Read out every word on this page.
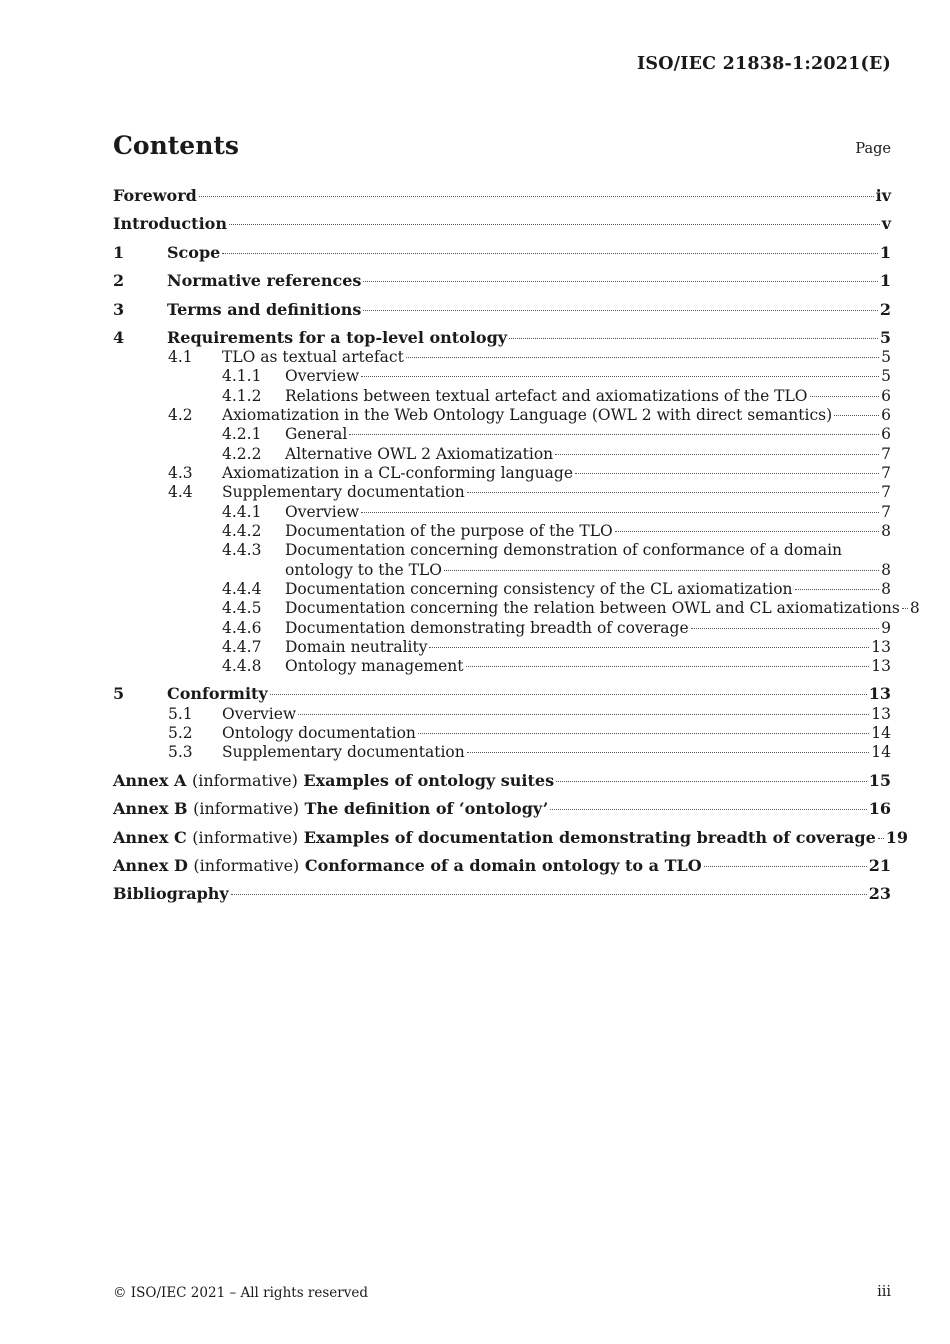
ISO/IEC 21838-1:2021(E)
Contents	Page
Foreword	iv
Introduction	v
1	Scope	1
2	Normative references	1
3	Terms and definitions	2
4	Requirements for a top-level ontology	5
4.1	TLO as textual artefact	5
4.1.1	Overview	5
4.1.2	Relations between textual artefact and axiomatizations of the TLO	6
4.2	Axiomatization in the Web Ontology Language (OWL 2 with direct semantics)	6
4.2.1	General	6
4.2.2	Alternative OWL 2 Axiomatization	7
4.3	Axiomatization in a CL-conforming language	7
4.4	Supplementary documentation	7
4.4.1	Overview	7
4.4.2	Documentation of the purpose of the TLO	8
4.4.3	Documentation concerning demonstration of conformance of a domain
ontology to the TLO	8
4.4.4	Documentation concerning consistency of the CL axiomatization	8
4.4.5	Documentation concerning the relation between OWL and CL axiomatizations 8
4.4.6	Documentation demonstrating breadth of coverage	9
4.4.7	Domain neutrality	13
4.4.8	Ontology management	13
5	Conformity	13
5.1	Overview	13
5.2	Ontology documentation	14
5.3	Supplementary documentation	14
Annex A (informative) Examples of ontology suites	15
Annex B (informative) The definition of ‘ontology’	16
Annex C (informative) Examples of documentation demonstrating breadth of coverage 19
Annex D (informative) Conformance of a domain ontology to a TLO	21
Bibliography	23
© ISO/IEC 2021 – All rights reserved	iii
